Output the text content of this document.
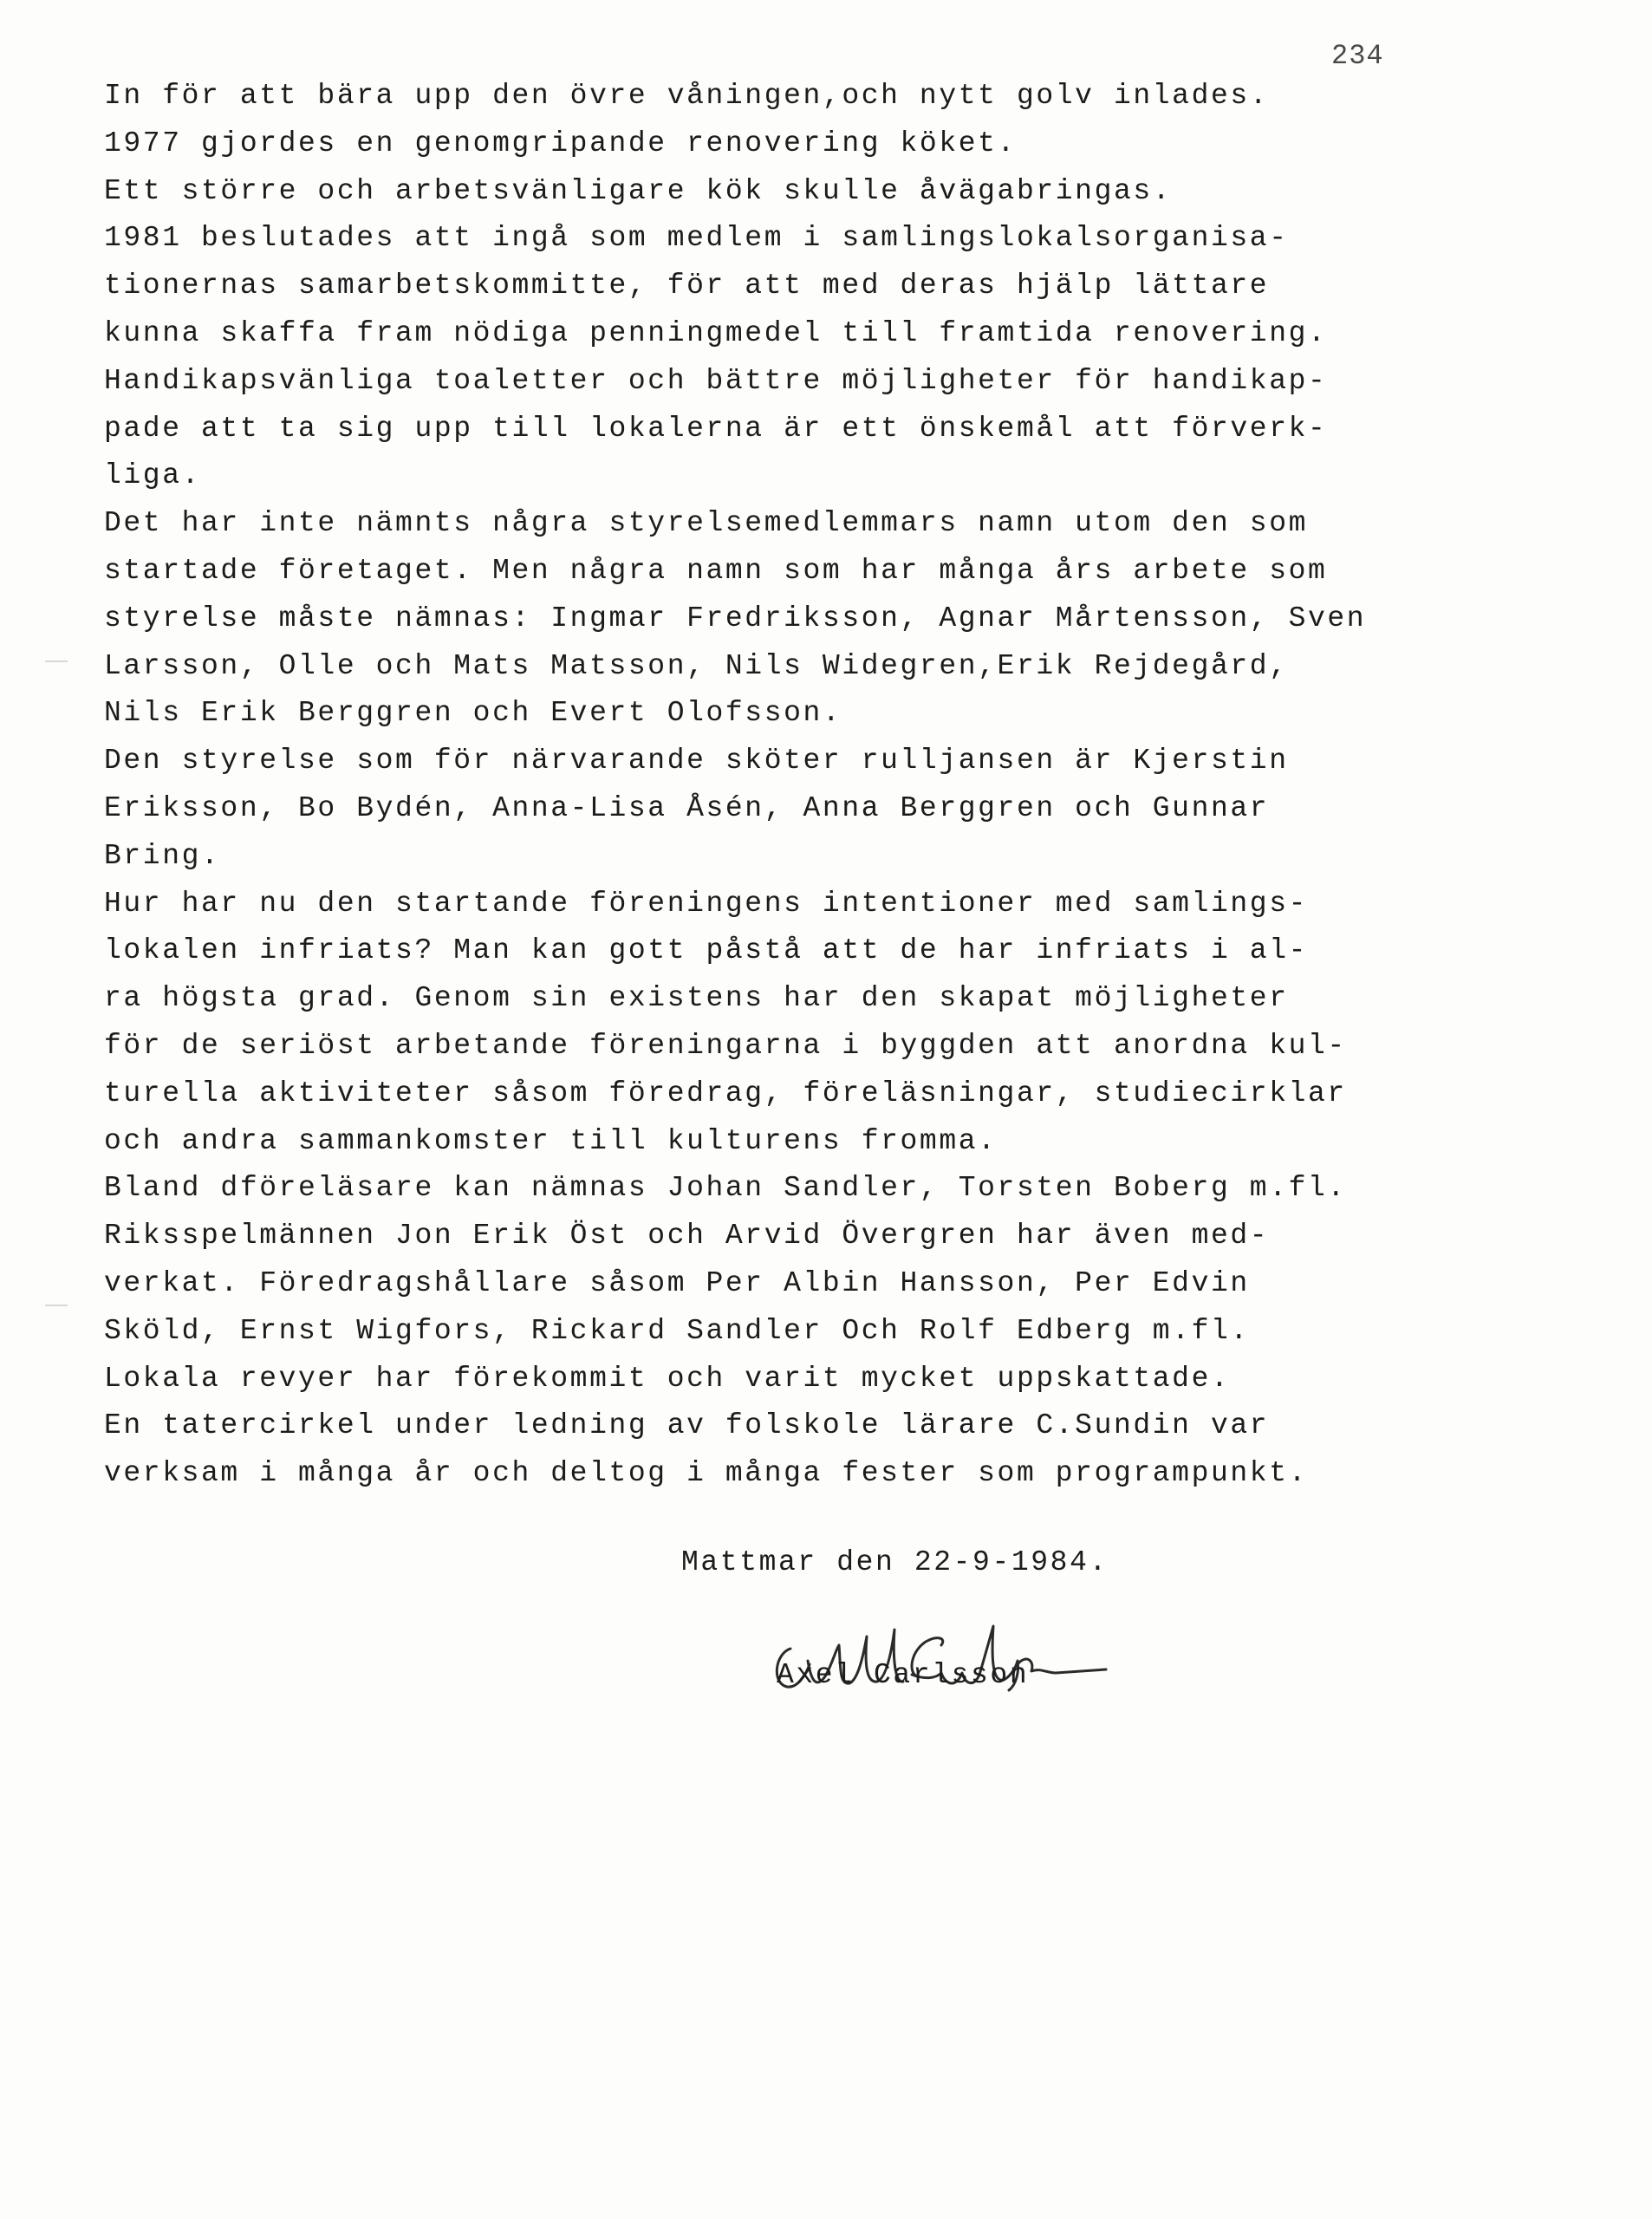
234
In för att bära upp den övre våningen,och nytt golv inlades.
1977 gjordes en genomgripande renovering köket.
Ett större och arbetsvänligare kök skulle åvägabringas.
1981 beslutades att ingå som medlem i samlingslokalsorganisa-
tionernas samarbetskommitte, för att med deras hjälp lättare
kunna skaffa fram nödiga penningmedel till framtida renovering.
Handikapsvänliga toaletter och bättre möjligheter för handikap-
pade att ta sig upp till lokalerna är ett önskemål att förverk-
liga.
Det har inte nämnts några styrelsemedlemmars namn utom den som
startade företaget. Men några namn som har många års arbete som
styrelse måste nämnas: Ingmar Fredriksson, Agnar Mårtensson, Sven
Larsson, Olle och Mats Matsson, Nils Widegren,Erik Rejdegård,
Nils Erik Berggren och Evert Olofsson.
Den styrelse som för närvarande sköter rulljansen är Kjerstin
Eriksson, Bo Bydén, Anna-Lisa Åsén, Anna Berggren och Gunnar
Bring.
Hur har nu den startande föreningens intentioner med samlings-
lokalen infriats? Man kan gott påstå att de har infriats i al-
ra högsta grad. Genom sin existens har den skapat möjligheter
för de seriöst arbetande föreningarna i byggden att anordna kul-
turella aktiviteter såsom föredrag, föreläsningar, studiecirklar
och andra sammankomster till kulturens fromma.
Bland dföreläsare kan nämnas Johan Sandler, Torsten Boberg m.fl.
Riksspelmännen Jon Erik Öst och Arvid Övergren har även med-
verkat. Föredragshållare såsom Per Albin Hansson, Per Edvin
Sköld, Ernst Wigfors, Rickard Sandler Och Rolf Edberg m.fl.
Lokala revyer har förekommit och varit mycket uppskattade.
En tatercirkel under ledning av folskole lärare C.Sundin var
verksam i många år och deltog i många fester som programpunkt.
Mattmar den 22-9-1984.
Axel Carlsson
